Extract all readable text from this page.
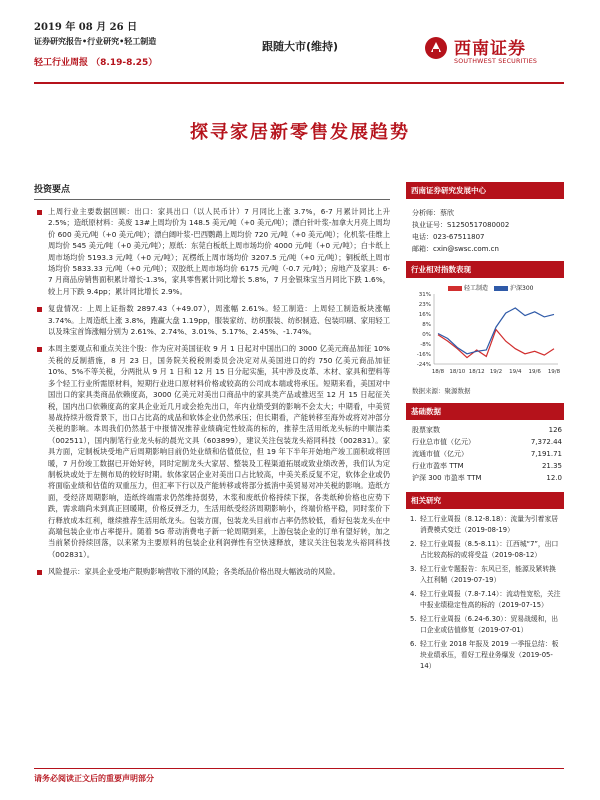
2019 年 08 月 26 日
证券研究报告•行业研究•轻工制造
轻工行业周报 （8.19-8.25）
跟随大市(维持)	西南证券
SOUTHWEST SECURITIES
探寻家居新零售发展趋势
投资要点
上周行业主要数据回顾：出口：家具出口（以人民币计）7 月同比上涨 3.7%，6-7 月累计同比上升 2.5%；造纸原材料：美废 13#上周均价为 148.5 美元/吨（+0 美元/吨）；漂白针叶浆-加拿大月亮上周均价 600 美元/吨（+0 美元/吨）；漂白阔叶浆-巴西鹦鹉上周均价 720 元/吨（+0 美元/吨）；化机浆-佳维上周均价 545 美元/吨（+0 美元/吨）；原纸：东莞白板纸上周市场均价 4000 元/吨（+0 元/吨）；白卡纸上周市场均价 5193.3 元/吨（+0 元/吨）；瓦楞纸上周市场均价 3207.5 元/吨（+0 元/吨）；铜板纸上周市场均价 5833.33 元/吨（+0 元/吨）；双胶纸上周市场均价 6175 元/吨（-0.7 元/吨）；房地产及家具：6-7 月商品房销售面积累计增长-1.3%，家具零售累计同比增长 5.8%，7 月金银珠宝当月同比下跌 1.6%，较上月下跌 9.4pp；累计同比增长 2.9%。
复盘情况：上周上证指数 2897.43（+49.07），周涨幅 2.61%。轻工制造：上周轻工制造板块涨幅 3.74%。上周造纸上涨 3.8%，跑赢大盘 1.19pp，服装家纺、纺织服装、纺织制造、包装印刷、家用轻工以及珠宝首饰涨幅分别为 2.61%、2.74%、3.01%、5.17%、2.45%、-1.74%。
本周主要观点和重点关注个股：作为应对美国征收 9 月 1 日起对中国出口的 3000 亿美元商品加征 10%关税的反制措施，8 月 23 日，国务院关税税则委员会决定对从美国进口的约 750 亿美元商品加征 10%、5%不等关税，分两批从 9 月 1 日和 12 月 15 日分起实施，其中涉及皮革、木材、家具和塑料等多个轻工行业所需原材料，短期行业进口原材料价格或较高的公司成本端或将承压。短期来看，美国对中国出口的家具类商品依赖度高，3000 亿美元对美出口商品中的家具类产品或推迟至 12 月 15 日起征关税，国内出口依赖度高的家具企业近几月或会抢先出口，年内业绩受到的影响不会太大；中期看，中美贸易战持续升级背景下，出口占比高的成品和软体企业仍然承压；但长期看，产能转移至海外或将对冲部分关税的影响。本周我们仍然基于中报情况推荐业绩确定性较高的标的，推荐生活用纸龙头标的中顺洁柔（002511），国内制笔行业龙头标的晨光文具（603899），建议关注包装龙头裕同科技（002831）。家具方面，定制板块受地产后周期影响目前仍处业绩和估值低位，但 19 年下半年开始地产竣工面积或将回暖，7 月份竣工数据已开始好转，同时定制龙头大家居、整装及工程渠道拓展或致业绩改善，我们认为定制板块或处于左侧布局的较好时期。软体家居企业对美出口占比较高，中美关系反复不定，软体企业或仍将面临业绩和估值的双重压力，但汇率下行以及产能转移或将部分抵消中美贸易对冲关税的影响。造纸方面，受经济周期影响，造纸终端需求仍然维持弱势，木浆和废纸价格持续下探，各类纸种价格也应势下跌，需求端尚未到真正回暖期，价格反弹乏力，生活用纸受经济周期影响小，终端价格平稳，同时浆价下行释放成本红利，继续推荐生活用纸龙头。包装方面，包装龙头目前市占率仍然较低，看好包装龙头在中高端包装企业市占率提升。随着 5G 带动消费电子新一轮周期到来，上游包装企业的订单有望好转，加之当前紧价持续回落，以来紧为主要原料的包装企业利润弹性有空快速释放，建议关注包装龙头裕同科技（002831）。
风险提示：家具企业受地产限购影响营收下滑的风险；各类纸品价格出现大幅波动的风险。
西南证券研究发展中心
分析师：蔡欣
执业证号：S1250517080002
电话：023-67511807
邮箱：cxin@swsc.com.cn
行业相对指数表现
轻工制造	沪深300
31%
23%
16%
8%
0%
-8%
-16%
-24%
18/8 18/10 18/12 19/2 19/4 19/6 19/8
数据来源：聚源数据
基础数据
股票家数	126
行业总市值（亿元）	7,372.44
流通市值（亿元）	7,191.71
行业市盈率 TTM	21.35
沪深 300 市盈率 TTM	12.0
相关研究
1. 轻工行业周报（8.12-8.18）：流量为引着家居消费模式变迁（2019-08-19）
2. 轻工行业周报（8.5-8.11）：江西城“7”，出口占比较高标的或将受益（2019-08-12）
3. 轻工行业专题报告：东风已至，能源及紧转换入扛利鞘（2019-07-19）
4. 轻工行业周报（7.8-7.14）：流动性宽松，关注中报业绩稳定性高的标的（2019-07-15）
5. 轻工行业周报（6.24-6.30）：贸易战缓和，出口企业或估值修复（2019-07-01）
6. 轻工行业 2018 年报及 2019 一季报总结：板块业绩承压，看好工程业务爆发（2019-05-14）
请务必阅读正文后的重要声明部分
